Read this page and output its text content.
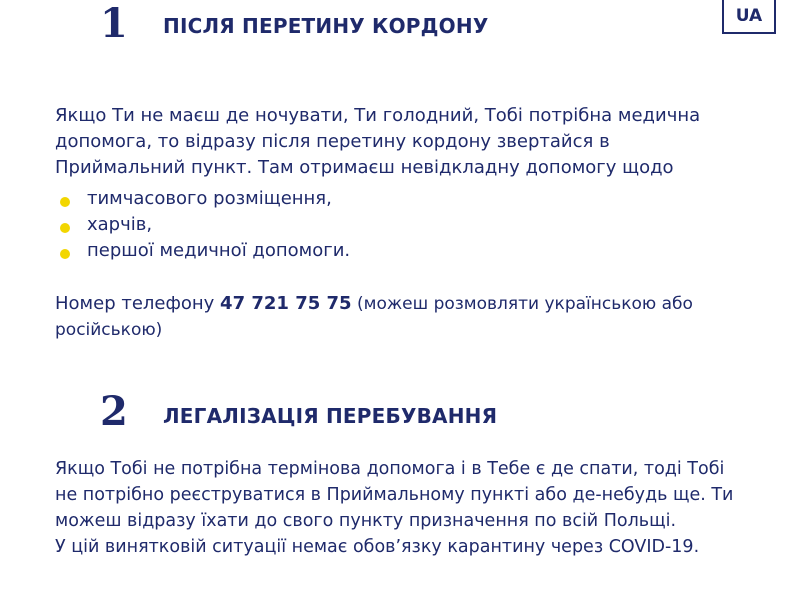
UA
1 ПІСЛЯ ПЕРЕТИНУ КОРДОНУ
Якщо Ти не маєш де ночувати, Ти голодний, Тобі потрібна медична
допомога, то відразу після перетину кордону звертайся в
Приймальний пункт. Там отримаєш невідкладну допомогу щодо
тимчасового розміщення,
харчів,
першої медичної допомоги.
Номер телефону 47 721 75 75 (можеш розмовляти українською або
російською)
2 ЛЕГАЛІЗАЦІЯ ПЕРЕБУВАННЯ
Якщо Тобі не потрібна термінова допомога і в Тебе є де спати, тоді Тобі
не потрібно реєструватися в Приймальному пункті або де-небудь ще. Ти
можеш відразу їхати до свого пункту призначення по всій Польщі.
У цій винятковій ситуації немає обов’язку карантину через COVID-19.
